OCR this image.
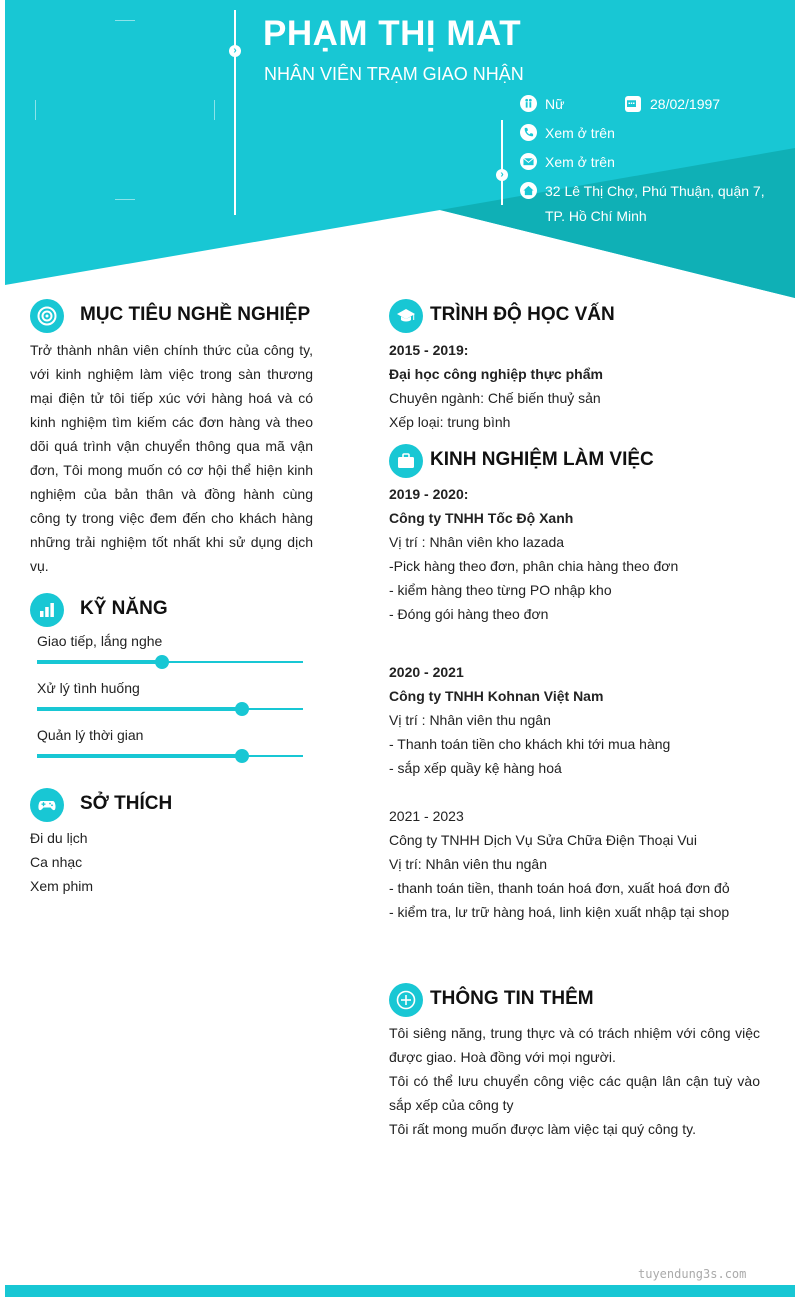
›
›
PHẠM THỊ MAT
NHÂN VIÊN TRẠM GIAO NHẬN
Nữ	28/02/1997
Xem ở trên
Xem ở trên
32 Lê Thị Chợ, Phú Thuận, quận 7,
TP. Hồ Chí Minh
MỤC TIÊU NGHỀ NGHIỆP
Trở thành nhân viên chính thức của công ty, với kinh nghiệm làm việc trong sàn thương mại điện tử tôi tiếp xúc với hàng hoá và có kinh nghiệm tìm kiếm các đơn hàng và theo dõi quá trình vận chuyển thông qua mã vận đơn, Tôi mong muốn có cơ hội thể hiện kinh nghiệm của bản thân và đồng hành cùng công ty trong việc đem đến cho khách hàng những trải nghiệm tốt nhất khi sử dụng dịch vụ.
KỸ NĂNG
Giao tiếp, lắng nghe
Xử lý tình huống
Quản lý thời gian
SỞ THÍCH
Đi du lịch
Ca nhạc
Xem phim
TRÌNH ĐỘ HỌC VẤN
2015 - 2019:
Đại học công nghiệp thực phẩm
Chuyên ngành: Chế biến thuỷ sản
Xếp loại: trung bình
KINH NGHIỆM LÀM VIỆC
2019 - 2020:
Công ty TNHH Tốc Độ Xanh
Vị trí : Nhân viên kho lazada
-Pick hàng theo đơn, phân chia hàng theo đơn
- kiểm hàng theo từng PO nhập kho
- Đóng gói hàng theo đơn
2020 - 2021
Công ty TNHH Kohnan Việt Nam
Vị trí : Nhân viên thu ngân
- Thanh toán tiền cho khách khi tới mua hàng
- sắp xếp quầy kệ hàng hoá
2021 - 2023
Công ty TNHH Dịch Vụ Sửa Chữa Điện Thoại Vui
Vị trí: Nhân viên thu ngân
- thanh toán tiền, thanh toán hoá đơn, xuất hoá đơn đỏ
- kiểm tra, lư trữ hàng hoá, linh kiện xuất nhập tại shop
THÔNG TIN THÊM
Tôi siêng năng, trung thực và có trách nhiệm với công việc được giao. Hoà đồng với mọi người.
Tôi có thể lưu chuyển công việc các quận lân cận tuỳ vào sắp xếp của công ty
Tôi rất mong muốn được làm việc tại quý công ty.
tuyendung3s.com
